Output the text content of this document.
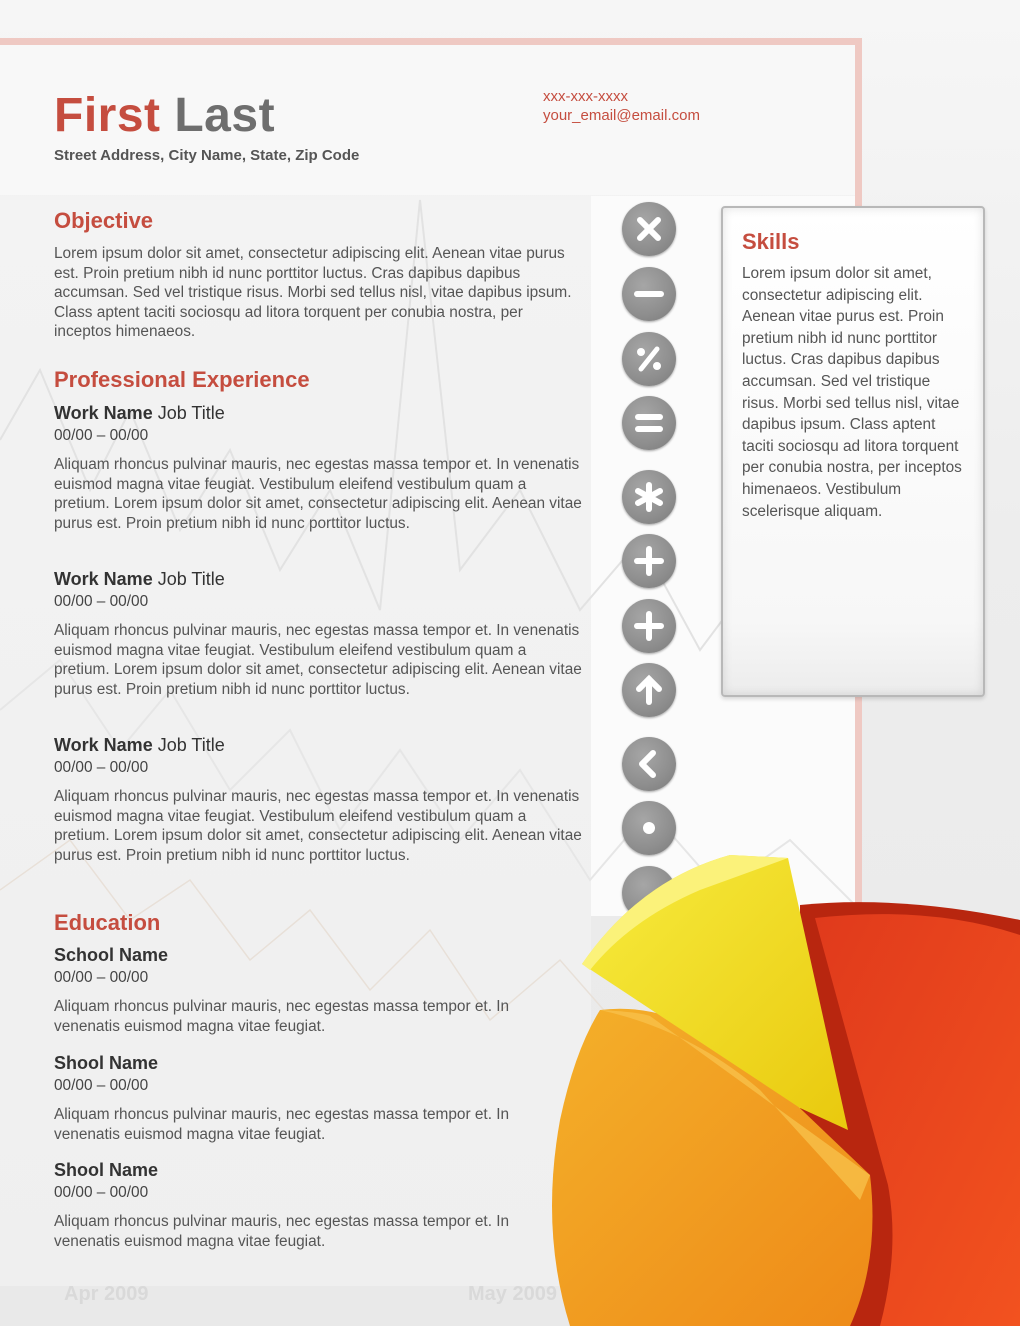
First Last
Street Address, City Name, State, Zip Code
xxx-xxx-xxxx
your_email@email.com
Objective

Lorem ipsum dolor sit amet, consectetur adipiscing elit. Aenean vitae purus est. Proin pretium nibh id nunc porttitor luctus. Cras dapibus dapibus accumsan. Sed vel tristique risus. Morbi sed tellus nisl, vitae dapibus ipsum. Class aptent taciti sociosqu ad litora torquent per conubia nostra, per inceptos himenaeos.

Professional Experience
Work Name Job Title
00/00 – 00/00

Aliquam rhoncus pulvinar mauris, nec egestas massa tempor et. In venenatis euismod magna vitae feugiat. Vestibulum eleifend vestibulum quam a pretium. Lorem ipsum dolor sit amet, consectetur adipiscing elit. Aenean vitae purus est. Proin pretium nibh id nunc porttitor luctus.

Work Name Job Title
00/00 – 00/00

Aliquam rhoncus pulvinar mauris, nec egestas massa tempor et. In venenatis euismod magna vitae feugiat. Vestibulum eleifend vestibulum quam a pretium. Lorem ipsum dolor sit amet, consectetur adipiscing elit. Aenean vitae purus est. Proin pretium nibh id nunc porttitor luctus.

Work Name Job Title
00/00 – 00/00

Aliquam rhoncus pulvinar mauris, nec egestas massa tempor et. In venenatis euismod magna vitae feugiat. Vestibulum eleifend vestibulum quam a pretium. Lorem ipsum dolor sit amet, consectetur adipiscing elit. Aenean vitae purus est. Proin pretium nibh id nunc porttitor luctus.

Education
School Name
00/00 – 00/00

Aliquam rhoncus pulvinar mauris, nec egestas massa tempor et. In venenatis euismod magna vitae feugiat.

Shool Name
00/00 – 00/00

Aliquam rhoncus pulvinar mauris, nec egestas massa tempor et. In venenatis euismod magna vitae feugiat.

Shool Name
00/00 – 00/00

Aliquam rhoncus pulvinar mauris, nec egestas massa tempor et. In venenatis euismod magna vitae feugiat.

Skills

Lorem ipsum dolor sit amet, consectetur adipiscing elit. Aenean vitae purus est. Proin pretium nibh id nunc porttitor luctus. Cras dapibus dapibus accumsan. Sed vel tristique risus. Morbi sed tellus nisl, vitae dapibus ipsum. Class aptent taciti sociosqu ad litora torquent per conubia nostra, per inceptos himenaeos. Vestibulum scelerisque aliquam.

Apr 2009	May 2009
